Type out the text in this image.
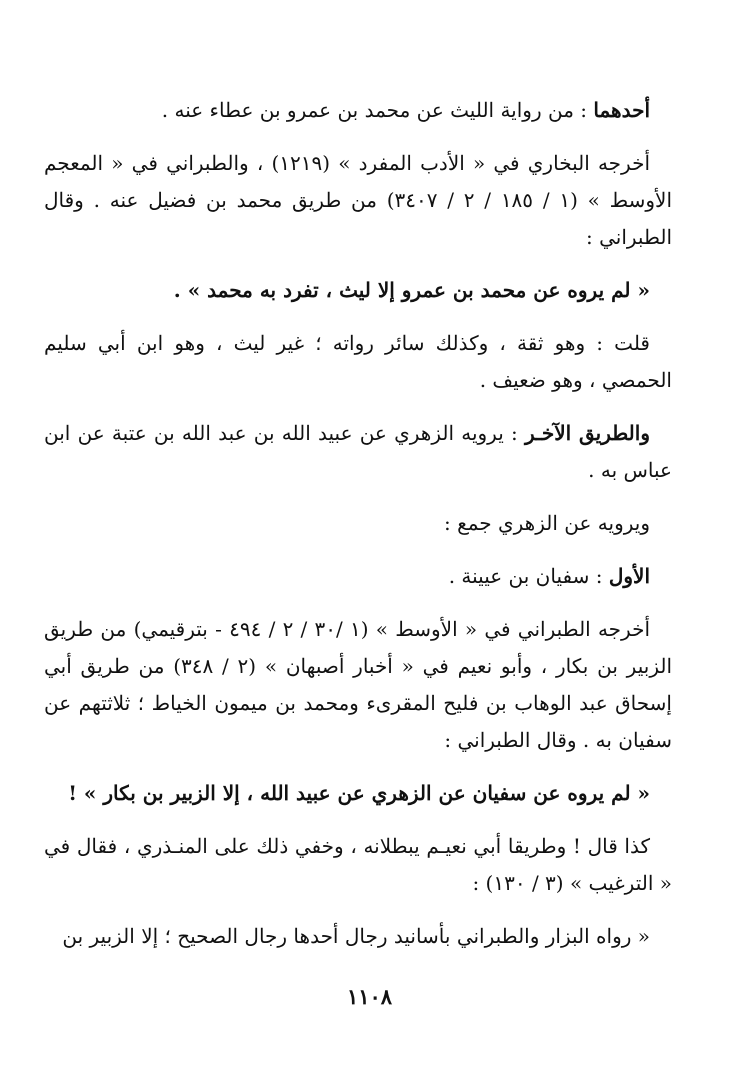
أحدهما : من رواية الليث عن محمد بن عمرو بن عطاء عنه .

أخرجه البخاري في « الأدب المفرد » (١٢١٩) ، والطبراني في « المعجم الأوسط » (١ / ١٨٥ / ٢ / ٣٤٠٧) من طريق محمد بن فضيل عنه . وقال الطبراني :

« لم يروه عن محمد بن عمرو إلا ليث ، تفرد به محمد » .

قلت : وهو ثقة ، وكذلك سائر رواته ؛ غير ليث ، وهو ابن أبي سليم الحمصي ، وهو ضعيف .

والطريق الآخـر : يرويه الزهري عن عبيد الله بن عبد الله بن عتبة عن ابن عباس به .

ويرويه عن الزهري جمع :

الأول : سفيان بن عيينة .

أخرجه الطبراني في « الأوسط » (١ /٣٠ / ٢ / ٤٩٤ - بترقيمي) من طريق الزبير بن بكار ، وأبو نعيم في « أخبار أصبهان » (٢ / ٣٤٨) من طريق أبي إسحاق عبد الوهاب بن فليح المقرىء ومحمد بن ميمون الخياط ؛ ثلاثتهم عن سفيان به . وقال الطبراني :

« لم يروه عن سفيان عن الزهري عن عبيد الله ، إلا الزبير بن بكار » !

كذا قال ! وطريقا أبي نعيـم يبطلانه ، وخفي ذلك على المنـذري ، فقال في « الترغيب » (٣ / ١٣٠) :

« رواه البزار والطبراني بأسانيد رجال أحدها رجال الصحيح ؛ إلا الزبير بن

١١٠٨
